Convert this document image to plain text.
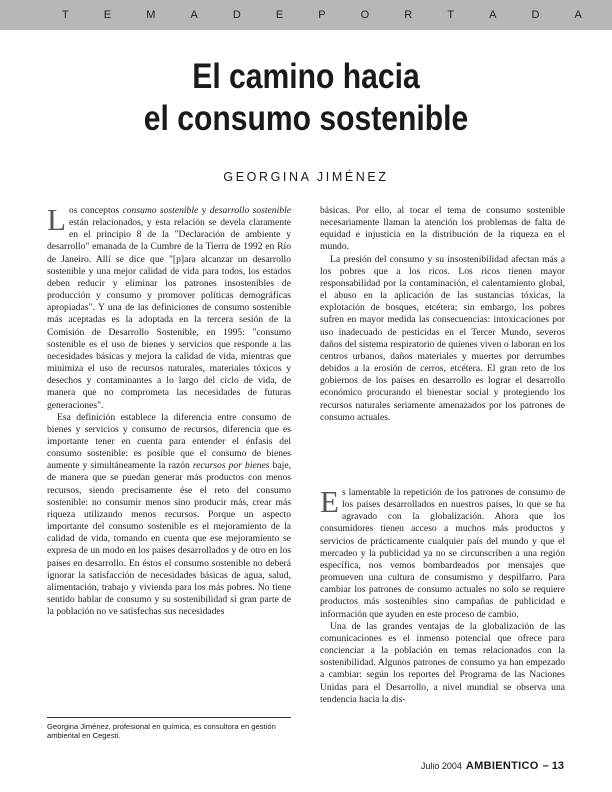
T	E	M	A	D	E	P	O	R	T	A	D	A
El camino hacia
el consumo sostenible
GEORGINA JIMÉNEZ

Los conceptos consumo sostenible y desarrollo sostenible están relacionados, y esta relación se devela claramente en el principio 8 de la "Declaración de ambiente y desarrollo" emanada de la Cumbre de la Tierra de 1992 en Río de Janeiro. Allí se dice que "[p]ara alcanzar un desarrollo sostenible y una mejor calidad de vida para todos, los estados deben reducir y eliminar los patrones insostenibles de producción y consumo y promover políticas demográficas apropiadas". Y una de las definiciones de consumo sostenible más aceptadas es la adoptada en la tercera sesión de la Comisión de Desarrollo Sostenible, en 1995: "consumo sostenible es el uso de bienes y servicios que responde a las necesidades básicas y mejora la calidad de vida, mientras que minimiza el uso de recursos naturales, materiales tóxicos y desechos y contaminantes a lo largo del ciclo de vida, de manera que no comprometa las necesidades de futuras generaciones".

Esa definición establece la diferencia entre consumo de bienes y servicios y consumo de recursos, diferencia que es importante tener en cuenta para entender el énfasis del consumo sostenible: es posible que el consumo de bienes aumente y simultáneamente la razón recursos por bienes baje, de manera que se puedan generar más productos con menos recursos, siendo precisamente ése el reto del consumo sostenible: no consumir menos sino producir más, crear más riqueza utilizando menos recursos. Porque un aspecto importante del consumo sostenible es el mejoramiento de la calidad de vida, tomando en cuenta que ese mejoramiento se expresa de un modo en los países desarrollados y de otro en los países en desarrollo. En éstos el consumo sostenible no deberá ignorar la satisfacción de necesidades básicas de agua, salud, alimentación, trabajo y vivienda para los más pobres. No tiene sentido hablar de consumo y su sostenibilidad si gran parte de la población no ve satisfechas sus necesidades

básicas. Por ello, al tocar el tema de consumo sostenible necesariamente llaman la atención los problemas de falta de equidad e injusticia en la distribución de la riqueza en el mundo.

La presión del consumo y su insostenibilidad afectan más a los pobres que a los ricos. Los ricos tienen mayor responsabilidad por la contaminación, el calentamiento global, el abuso en la aplicación de las sustancias tóxicas, la explotación de bosques, etcétera; sin embargo, los pobres sufren en mayor medida las consecuencias: intoxicaciones por uso inadecuado de pesticidas en el Tercer Mundo, severos daños del sistema respiratorio de quienes viven o laboran en los centros urbanos, daños materiales y muertes por derrumbes debidos a la erosión de cerros, etcétera. El gran reto de los gobiernos de los países en desarrollo es lograr el desarrollo económico procurando el bienestar social y protegiendo los recursos naturales seriamente amenazados por los patrones de consumo actuales.

Es lamentable la repetición de los patrones de consumo de los países desarrollados en nuestros países, lo que se ha agravado con la globalización. Ahora que los consumidores tienen acceso a muchos más productos y servicios de prácticamente cualquier país del mundo y que el mercadeo y la publicidad ya no se circunscriben a una región específica, nos vemos bombardeados por mensajes que promueven una cultura de consumismo y despilfarro. Para cambiar los patrones de consumo actuales no solo se requiere productos más sostenibles sino campañas de publicidad e información que ayuden en este proceso de cambio.

Una de las grandes ventajas de la globalización de las comunicaciones es el inmenso potencial que ofrece para concienciar a la población en temas relacionados con la sostenibilidad. Algunos patrones de consumo ya han empezado a cambiar: según los reportes del Programa de las Naciones Unidas para el Desarrollo, a nivel mundial se observa una tendencia hacia la dis-

Georgina Jiménez, profesional en química, es consultora en gestión ambiental en Cegesti.
Julio 2004 AMBIENTICO – 13
